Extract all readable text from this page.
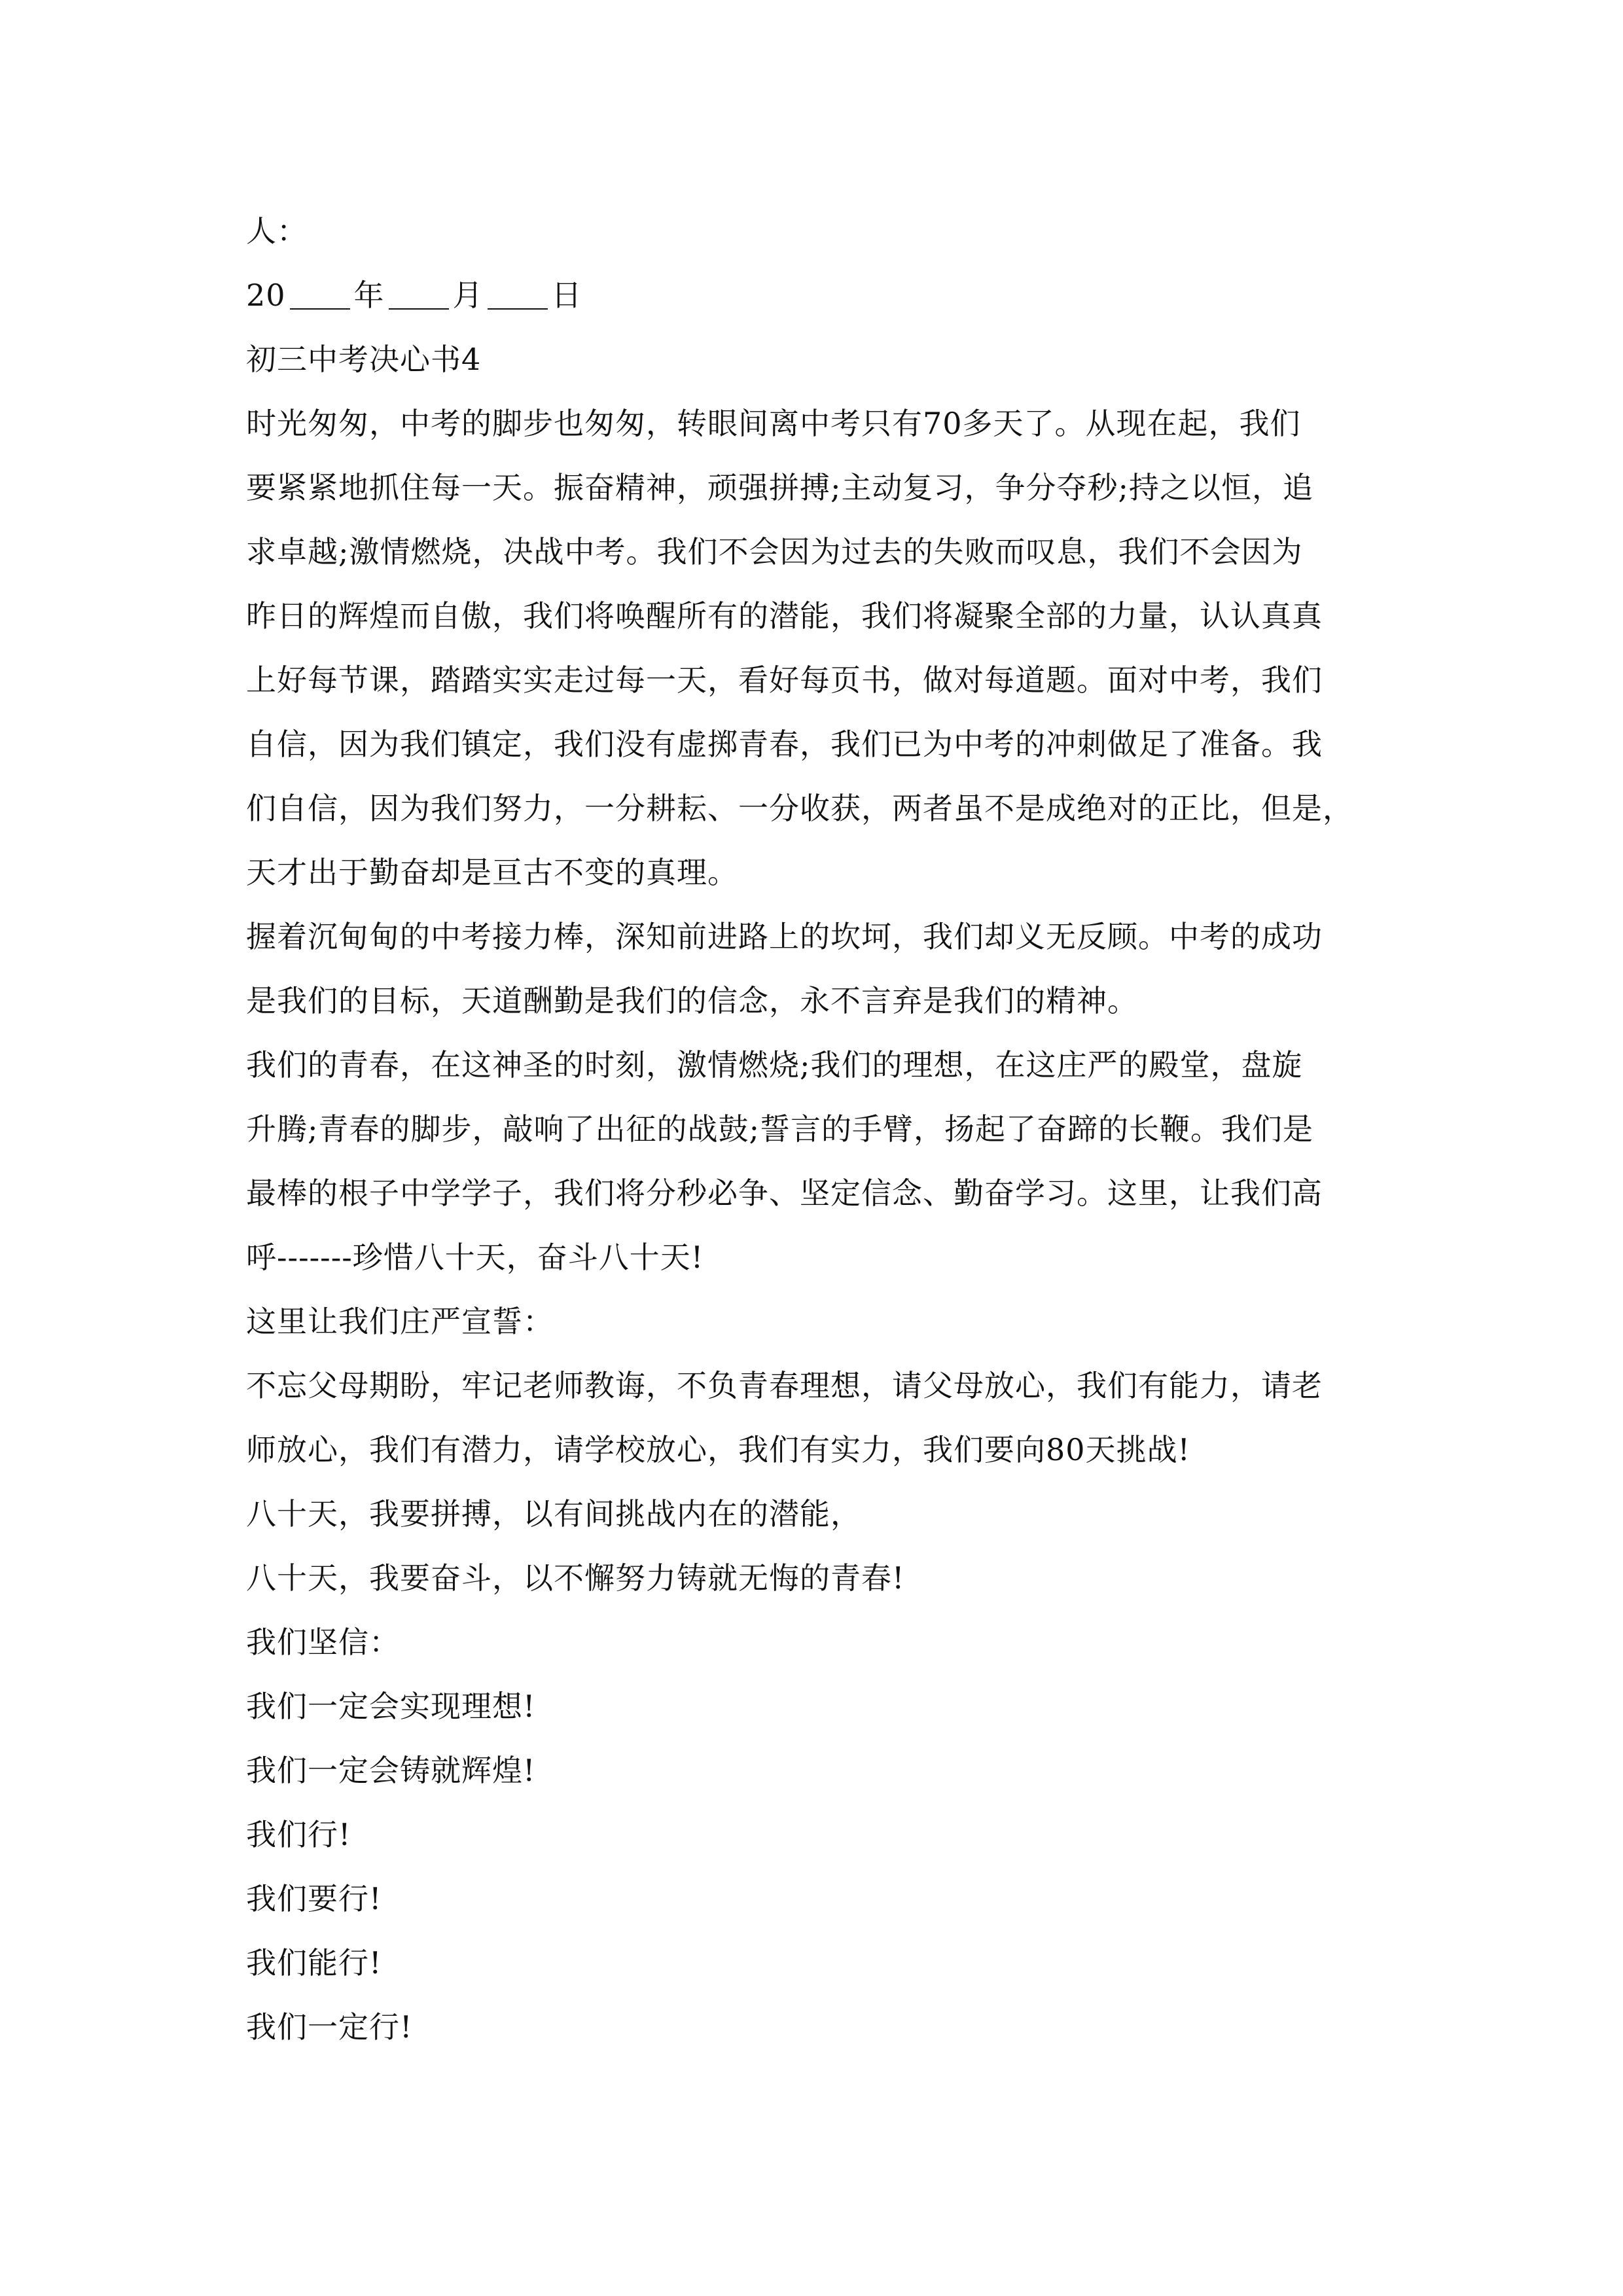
人：
20 年 月 日
初三中考决心书4
时光匆匆，中考的脚步也匆匆，转眼间离中考只有70多天了。从现在起，我们
要紧紧地抓住每一天。振奋精神，顽强拼搏;主动复习，争分夺秒;持之以恒，追
求卓越;激情燃烧，决战中考。我们不会因为过去的失败而叹息，我们不会因为
昨日的辉煌而自傲，我们将唤醒所有的潜能，我们将凝聚全部的力量，认认真真
上好每节课，踏踏实实走过每一天，看好每页书，做对每道题。面对中考，我们
自信，因为我们镇定，我们没有虚掷青春，我们已为中考的冲刺做足了准备。我
们自信，因为我们努力，一分耕耘、一分收获，两者虽不是成绝对的正比，但是，
天才出于勤奋却是亘古不变的真理。
握着沉甸甸的中考接力棒，深知前进路上的坎坷，我们却义无反顾。中考的成功
是我们的目标，天道酬勤是我们的信念，永不言弃是我们的精神。
我们的青春，在这神圣的时刻，激情燃烧;我们的理想，在这庄严的殿堂，盘旋
升腾;青春的脚步，敲响了出征的战鼓;誓言的手臂，扬起了奋蹄的长鞭。我们是
最棒的根子中学学子，我们将分秒必争、坚定信念、勤奋学习。这里，让我们高
呼-------珍惜八十天，奋斗八十天!
这里让我们庄严宣誓：
不忘父母期盼，牢记老师教诲，不负青春理想，请父母放心，我们有能力，请老
师放心，我们有潜力，请学校放心，我们有实力，我们要向80天挑战!
八十天，我要拼搏，以有间挑战内在的潜能，
八十天，我要奋斗，以不懈努力铸就无悔的青春!
我们坚信：
我们一定会实现理想!
我们一定会铸就辉煌!
我们行!
我们要行!
我们能行!
我们一定行!
